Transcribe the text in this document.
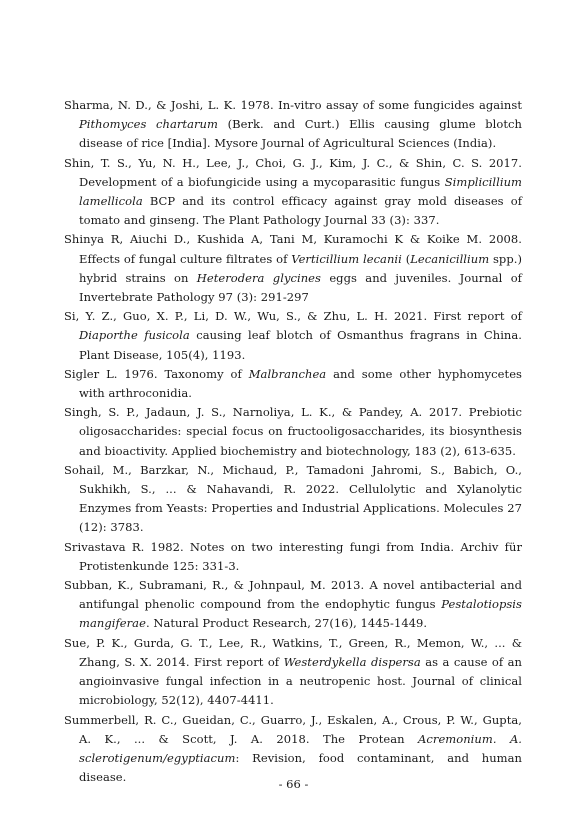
Sharma, N. D., & Joshi, L. K. 1978. In-vitro assay of some fungicides against Pithomyces chartarum (Berk. and Curt.) Ellis causing glume blotch disease of rice [India]. Mysore Journal of Agricultural Sciences (India).

Shin, T. S., Yu, N. H., Lee, J., Choi, G. J., Kim, J. C., & Shin, C. S. 2017. Development of a biofungicide using a mycoparasitic fungus Simplicillium lamellicola BCP and its control efficacy against gray mold diseases of tomato and ginseng. The Plant Pathology Journal 33 (3): 337.

Shinya R, Aiuchi D., Kushida A, Tani M, Kuramochi K & Koike M. 2008. Effects of fungal culture filtrates of Verticillium lecanii (Lecanicillium spp.) hybrid strains on Heterodera glycines eggs and juveniles. Journal of Invertebrate Pathology 97 (3): 291-297

Si, Y. Z., Guo, X. P., Li, D. W., Wu, S., & Zhu, L. H. 2021. First report of Diaporthe fusicola causing leaf blotch of Osmanthus fragrans in China. Plant Disease, 105(4), 1193.

Sigler L. 1976. Taxonomy of Malbranchea and some other hyphomycetes with arthroconidia.

Singh, S. P., Jadaun, J. S., Narnoliya, L. K., & Pandey, A. 2017. Prebiotic oligosaccharides: special focus on fructooligosaccharides, its biosynthesis and bioactivity. Applied biochemistry and biotechnology, 183 (2), 613-635.

Sohail, M., Barzkar, N., Michaud, P., Tamadoni Jahromi, S., Babich, O., Sukhikh, S., ... & Nahavandi, R. 2022. Cellulolytic and Xylanolytic Enzymes from Yeasts: Properties and Industrial Applications. Molecules 27 (12): 3783.

Srivastava R. 1982. Notes on two interesting fungi from India. Archiv für Protistenkunde 125: 331-3.

Subban, K., Subramani, R., & Johnpaul, M. 2013. A novel antibacterial and antifungal phenolic compound from the endophytic fungus Pestalotiopsis mangiferae. Natural Product Research, 27(16), 1445-1449.

Sue, P. K., Gurda, G. T., Lee, R., Watkins, T., Green, R., Memon, W., ... & Zhang, S. X. 2014. First report of Westerdykella dispersa as a cause of an angioinvasive fungal infection in a neutropenic host. Journal of clinical microbiology, 52(12), 4407-4411.

Summerbell, R. C., Gueidan, C., Guarro, J., Eskalen, A., Crous, P. W., Gupta, A. K., ... & Scott, J. A. 2018. The Protean Acremonium. A. sclerotigenum/egyptiacum: Revision, food contaminant, and human disease.	- 66 -
